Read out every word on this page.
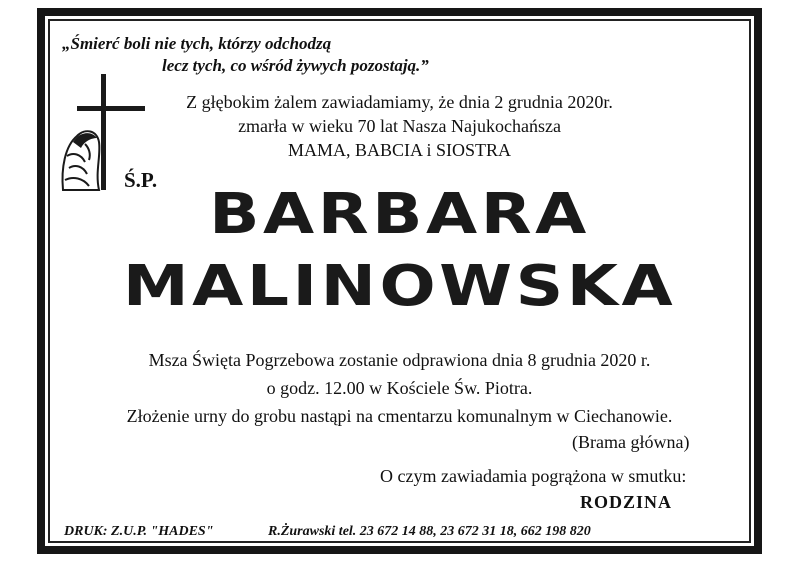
„Śmierć boli nie tych, którzy odchodzą
lecz tych, co wśród żywych pozostają.”
Z głębokim żalem zawiadamiamy, że dnia 2 grudnia 2020r.
zmarła w wieku 70 lat Nasza Najukochańsza
MAMA, BABCIA i SIOSTRA
Ś.P.
BARBARA
MALINOWSKA
Msza Święta Pogrzebowa zostanie odprawiona dnia 8 grudnia 2020 r.
o godz. 12.00 w Kościele Św. Piotra.
Złożenie urny do grobu nastąpi na cmentarzu komunalnym w Ciechanowie.
(Brama główna)
O czym zawiadamia pogrążona w smutku:
RODZINA
DRUK: Z.U.P. "HADES"	R.Żurawski tel. 23 672 14 88, 23 672 31 18, 662 198 820
